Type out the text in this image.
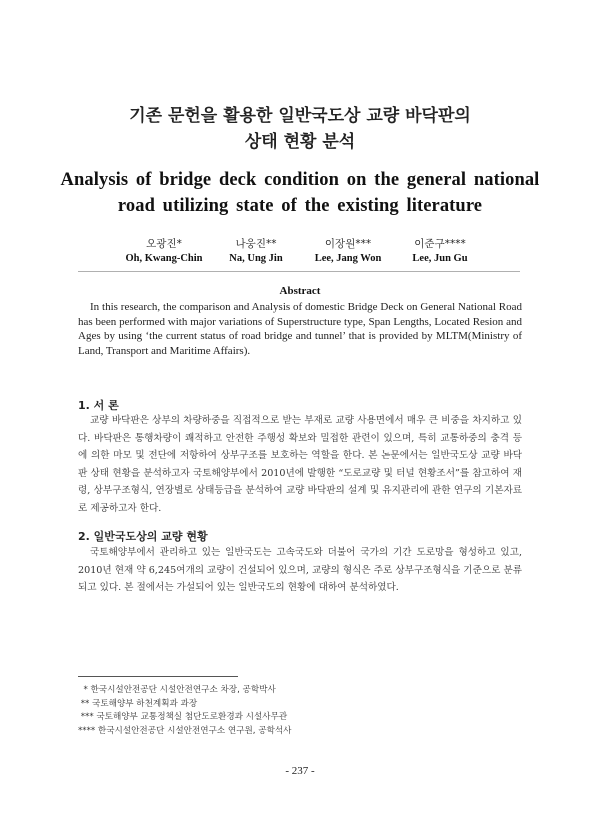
기존 문헌을 활용한 일반국도상 교량 바닥판의
상태 현황 분석
Analysis of bridge deck condition on the general national
road utilizing state of the existing literature
오광진*
Oh, Kwang-Chin
나웅진**
Na, Ung Jin
이장원***
Lee, Jang Won
이준구****
Lee, Jun Gu
Abstract

In this research, the comparison and Analysis of domestic Bridge Deck on General National Road has been performed with major variations of Superstructure type, Span Lengths, Located Resion and Ages by using ‘the current status of road bridge and tunnel’ that is provided by MLTM(Ministry of Land, Transport and Maritime Affairs).

1. 서 론

교량 바닥판은 상부의 차량하중을 직접적으로 받는 부재로 교량 사용면에서 매우 큰 비중을 차지하고 있다. 바닥판은 통행차량이 쾌적하고 안전한 주행성 확보와 밀접한 관련이 있으며, 특히 교통하중의 충격 등에 의한 마모 및 전단에 저항하여 상부구조를 보호하는 역할을 한다. 본 논문에서는 일반국도상 교량 바닥판 상태 현황을 분석하고자 국토해양부에서 2010년에 발행한 “도로교량 및 터널 현황조서”를 참고하여 재령, 상부구조형식, 연장별로 상태등급을 분석하여 교량 바닥판의 설계 및 유지관리에 관한 연구의 기본자료로 제공하고자 한다.

2. 일반국도상의 교량 현황

국토해양부에서 관리하고 있는 일반국도는 고속국도와 더불어 국가의 기간 도로망을 형성하고 있고, 2010년 현재 약 6,245여개의 교량이 건설되어 있으며, 교량의 형식은 주로 상부구조형식을 기준으로 분류되고 있다. 본 절에서는 가설되어 있는 일반국도의 현황에 대하여 분석하였다.

* 한국시설안전공단 시설안전연구소 차장, 공학박사
** 국토해양부 하천계획과 과장
*** 국토해양부 교통정책실 첨단도로환경과 시설사무관
**** 한국시설안전공단 시설안전연구소 연구원, 공학석사
- 237 -
